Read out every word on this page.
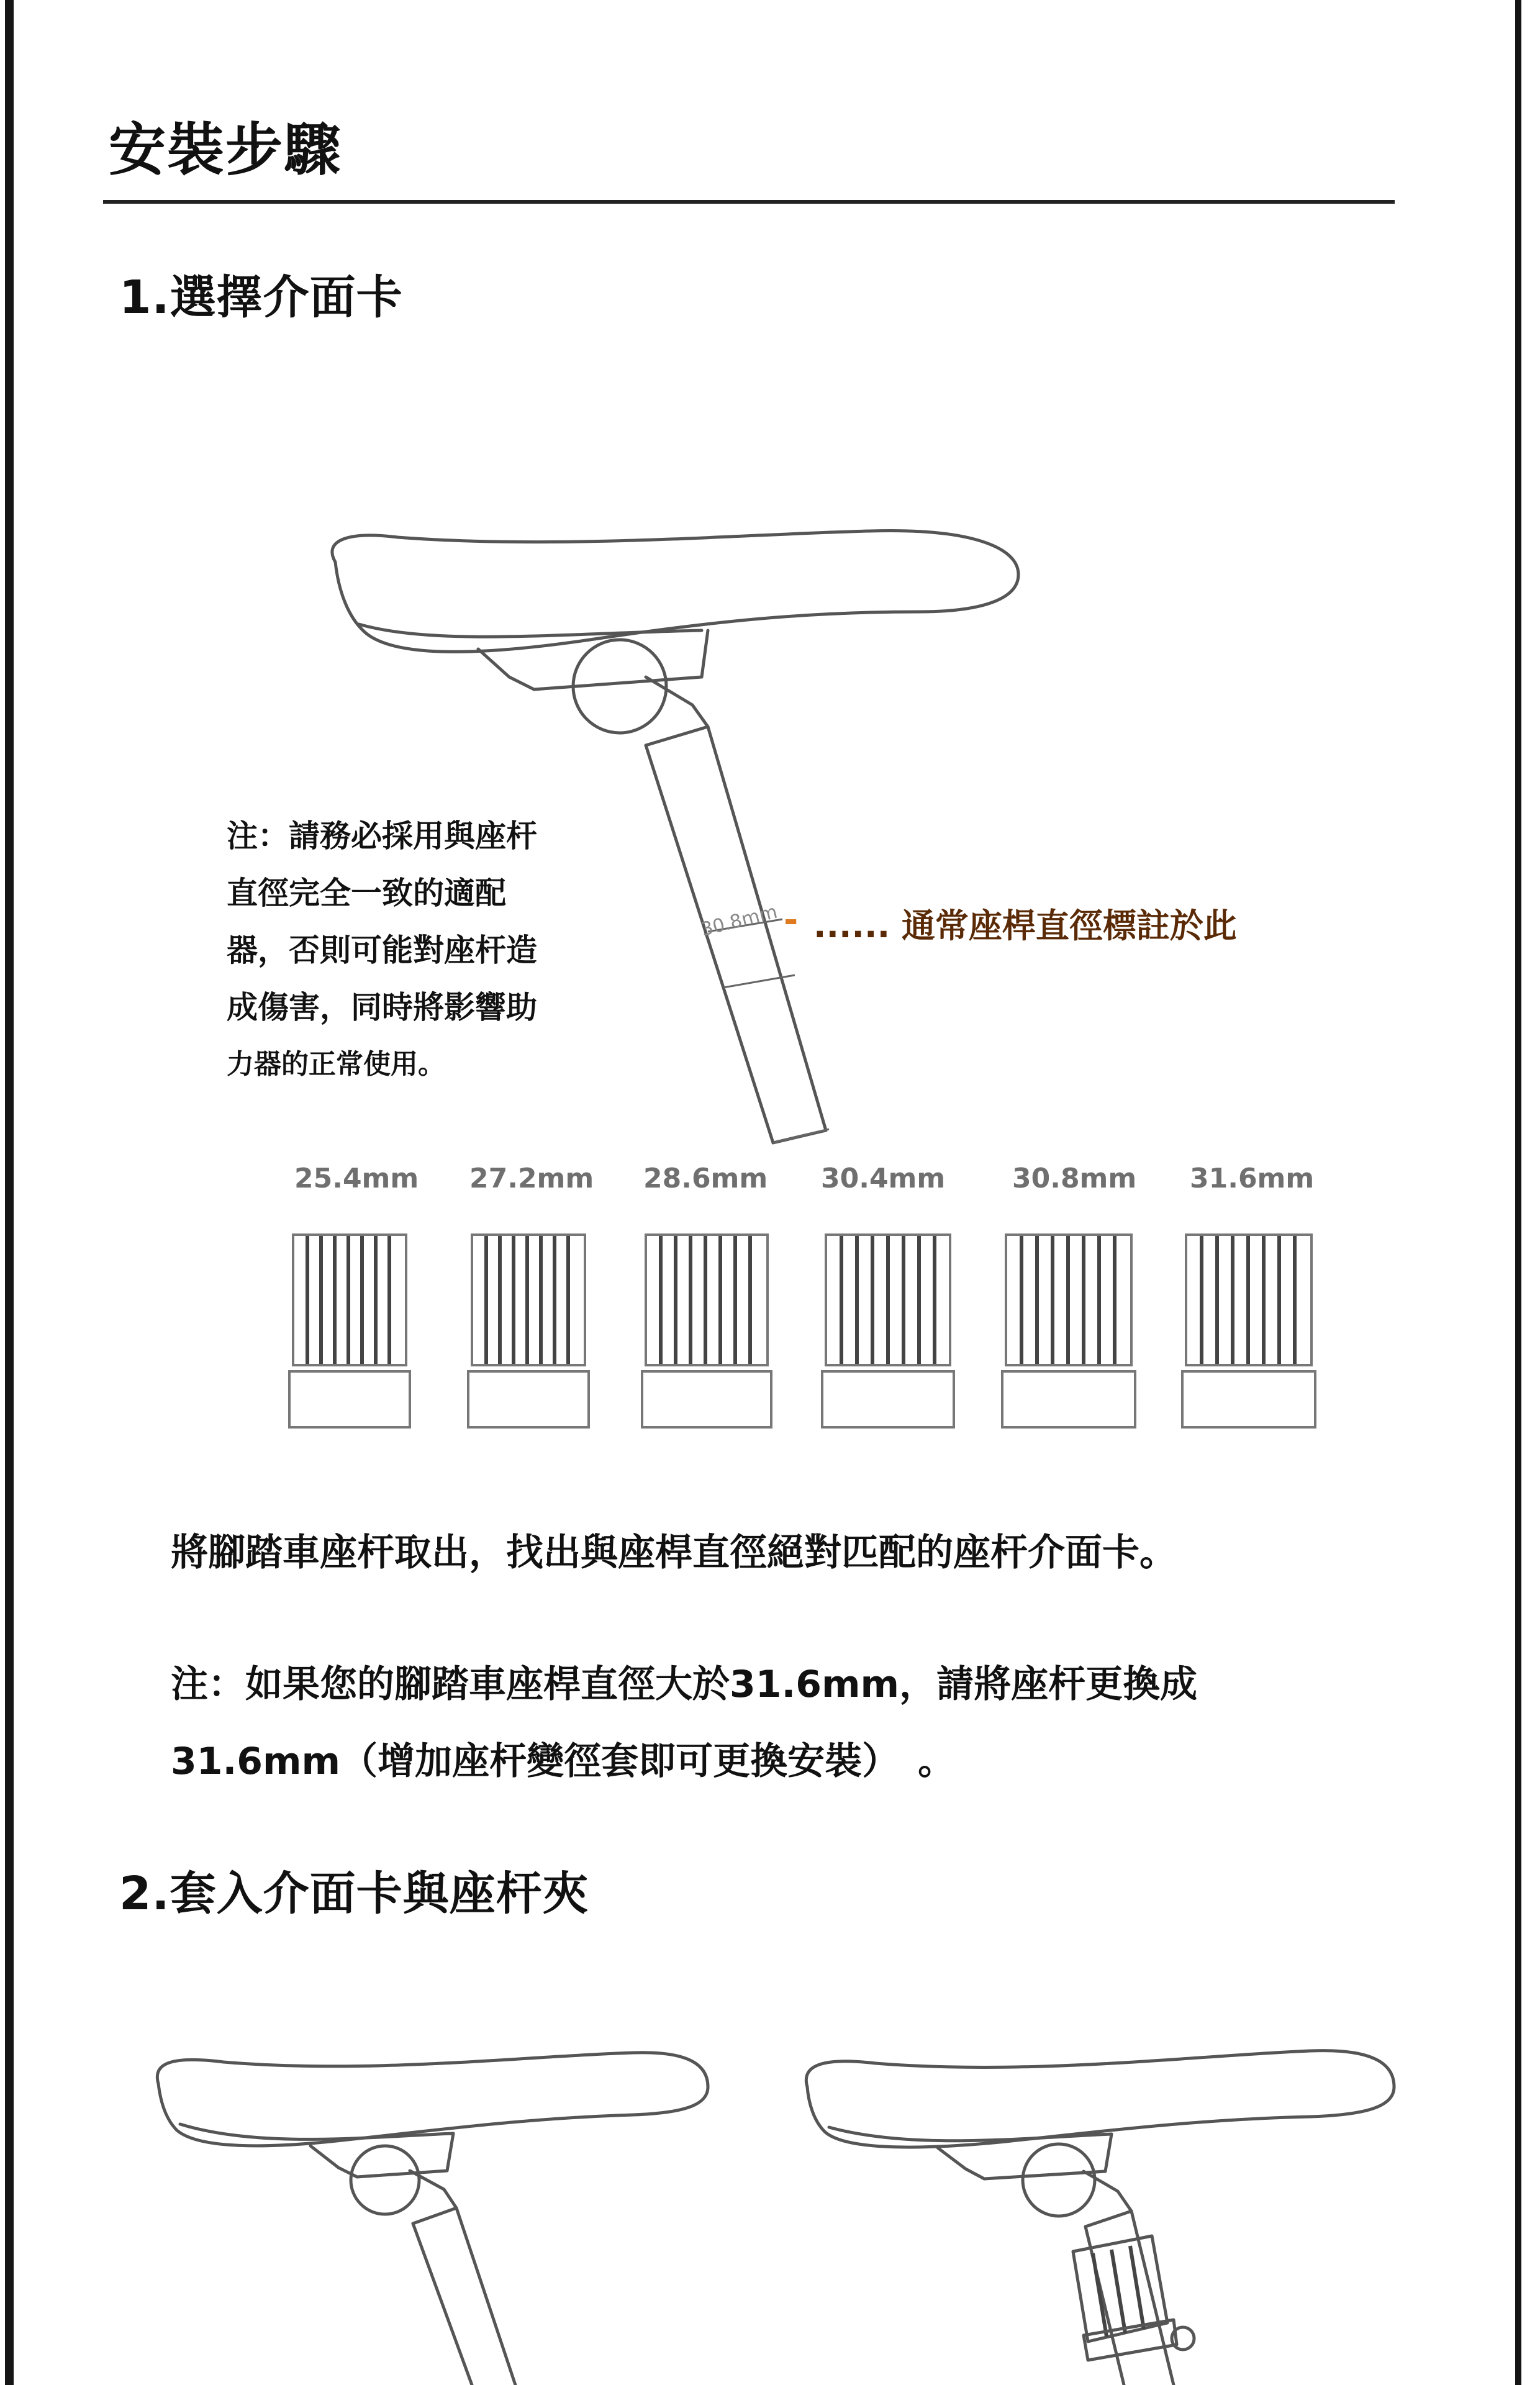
安裝步驟
1.選擇介面卡
30.8mm -
注：請務必採用與座杆
直徑完全一致的適配
器，否則可能對座杆造
成傷害，同時將影響助
力器的正常使用。
...... 通常座桿直徑標註於此
25.4mm 27.2mm 28.6mm 30.4mm 30.8mm 31.6mm
將腳踏車座杆取出，找出與座桿直徑絕對匹配的座杆介面卡。
注：如果您的腳踏車座桿直徑大於31.6mm，請將座杆更換成
31.6mm（增加座杆變徑套即可更換安裝）　。
2.套入介面卡與座杆夾
